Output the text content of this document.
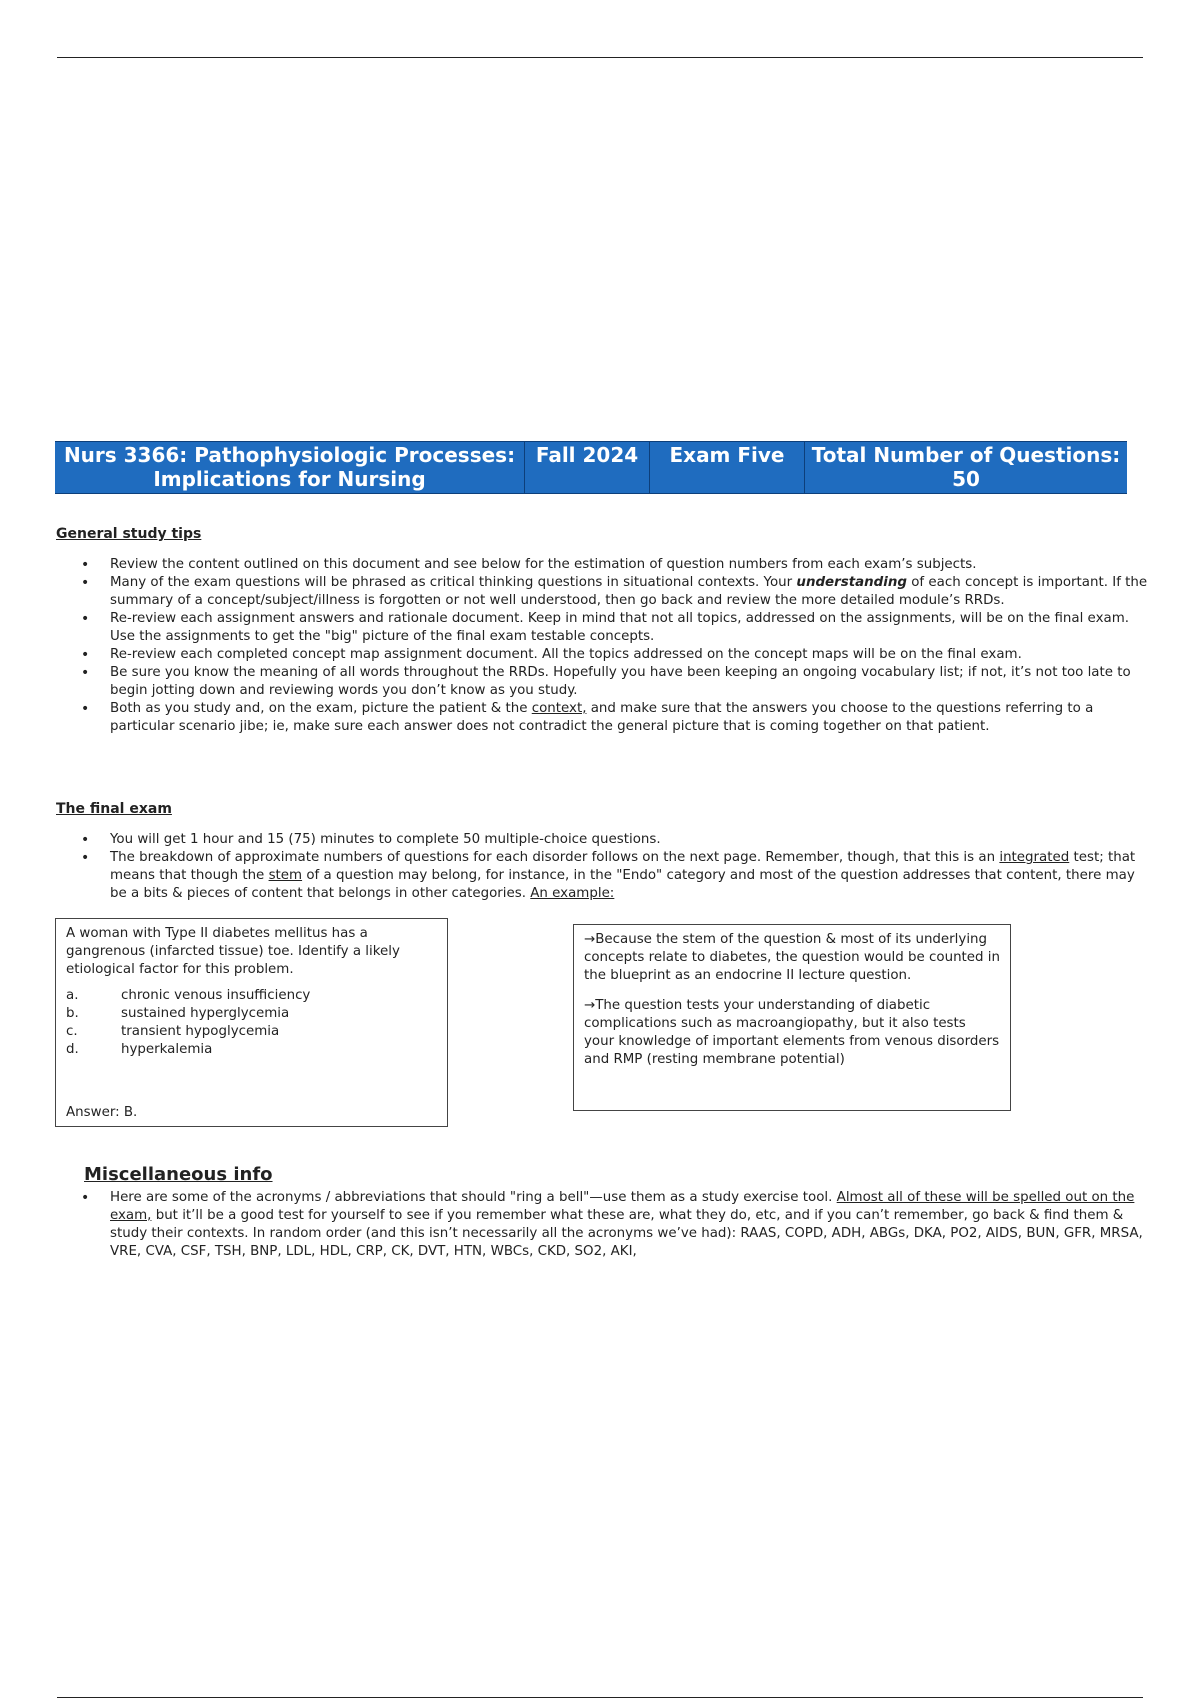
Nurs 3366: Pathophysiologic Processes: Implications for Nursing
Fall 2024	Exam Five	Total Number of Questions: 50
General study tips
• Review the content outlined on this document and see below for the estimation of question numbers from each exam’s subjects.
• Many of the exam questions will be phrased as critical thinking questions in situational contexts. Your understanding of each concept is important. If the summary of a concept/subject/illness is forgotten or not well understood, then go back and review the more detailed module’s RRDs.
• Re-review each assignment answers and rationale document. Keep in mind that not all topics, addressed on the assignments, will be on the final exam. Use the assignments to get the "big" picture of the final exam testable concepts.
• Re-review each completed concept map assignment document. All the topics addressed on the concept maps will be on the final exam.
• Be sure you know the meaning of all words throughout the RRDs. Hopefully you have been keeping an ongoing vocabulary list; if not, it’s not too late to begin jotting down and reviewing words you don’t know as you study.
• Both as you study and, on the exam, picture the patient & the context, and make sure that the answers you choose to the questions referring to a particular scenario jibe; ie, make sure each answer does not contradict the general picture that is coming together on that patient.
The final exam
• You will get 1 hour and 15 (75) minutes to complete 50 multiple-choice questions.
• The breakdown of approximate numbers of questions for each disorder follows on the next page. Remember, though, that this is an integrated test; that means that though the stem of a question may belong, for instance, in the "Endo" category and most of the question addresses that content, there may be a bits & pieces of content that belongs in other categories. An example:
A woman with Type II diabetes mellitus has a gangrenous (infarcted tissue) toe. Identify a likely etiological factor for this problem.
a.	chronic venous insufficiency
b.	sustained hyperglycemia
c.	transient hypoglycemia
d.	hyperkalemia
Answer: B.

→Because the stem of the question & most of its underlying concepts relate to diabetes, the question would be counted in the blueprint as an endocrine II lecture question.

→The question tests your understanding of diabetic complications such as macroangiopathy, but it also tests your knowledge of important elements from venous disorders and RMP (resting membrane potential)

Miscellaneous info
• Here are some of the acronyms / abbreviations that should "ring a bell"—use them as a study exercise tool. Almost all of these will be spelled out on the exam, but it’ll be a good test for yourself to see if you remember what these are, what they do, etc, and if you can’t remember, go back & find them & study their contexts. In random order (and this isn’t necessarily all the acronyms we’ve had): RAAS, COPD, ADH, ABGs, DKA, PO2, AIDS, BUN, GFR, MRSA, VRE, CVA, CSF, TSH, BNP, LDL, HDL, CRP, CK, DVT, HTN, WBCs, CKD, SO2, AKI,
